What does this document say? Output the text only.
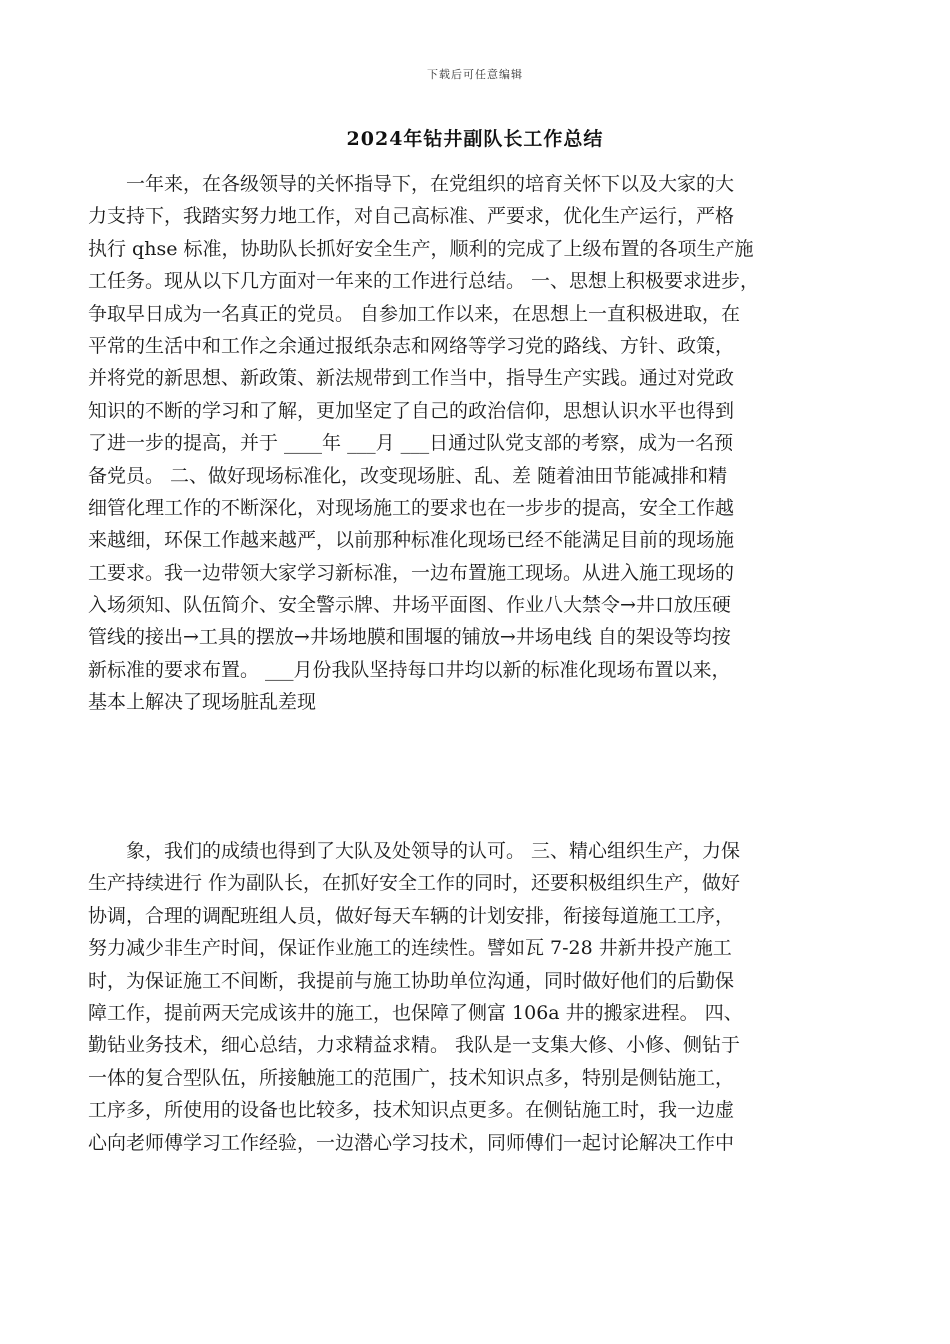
下载后可任意编辑
2024年钻井副队长工作总结
　　一年来，在各级领导的关怀指导下，在党组织的培育关怀下以及大家的大
力支持下，我踏实努力地工作，对自己高标准、严要求，优化生产运行，严格
执行 qhse 标准，协助队长抓好安全生产，顺利的完成了上级布置的各项生产施
工任务。现从以下几方面对一年来的工作进行总结。 一、思想上积极要求进步，
争取早日成为一名真正的党员。 自参加工作以来，在思想上一直积极进取，在
平常的生活中和工作之余通过报纸杂志和网络等学习党的路线、方针、政策，
并将党的新思想、新政策、新法规带到工作当中，指导生产实践。通过对党政
知识的不断的学习和了解，更加坚定了自己的政治信仰，思想认识水平也得到
了进一步的提高，并于 ____年 ___月 ___日通过队党支部的考察，成为一名预
备党员。 二、做好现场标准化，改变现场脏、乱、差 随着油田节能减排和精
细管化理工作的不断深化，对现场施工的要求也在一步步的提高，安全工作越
来越细，环保工作越来越严，以前那种标准化现场已经不能满足目前的现场施
工要求。我一边带领大家学习新标准，一边布置施工现场。从进入施工现场的
入场须知、队伍简介、安全警示牌、井场平面图、作业八大禁令→井口放压硬
管线的接出→工具的摆放→井场地膜和围堰的铺放→井场电线 自的架设等均按
新标准的要求布置。 ___月份我队坚持每口井均以新的标准化现场布置以来，
基本上解决了现场脏乱差现
　　象，我们的成绩也得到了大队及处领导的认可。 三、精心组织生产，力保
生产持续进行 作为副队长，在抓好安全工作的同时，还要积极组织生产，做好
协调，合理的调配班组人员，做好每天车辆的计划安排，衔接每道施工工序，
努力减少非生产时间，保证作业施工的连续性。譬如瓦 7-28 井新井投产施工
时，为保证施工不间断，我提前与施工协助单位沟通，同时做好他们的后勤保
障工作，提前两天完成该井的施工，也保障了侧富 106a 井的搬家进程。 四、
勤钻业务技术，细心总结，力求精益求精。 我队是一支集大修、小修、侧钻于
一体的复合型队伍，所接触施工的范围广，技术知识点多，特别是侧钻施工，
工序多，所使用的设备也比较多，技术知识点更多。在侧钻施工时，我一边虚
心向老师傅学习工作经验，一边潜心学习技术，同师傅们一起讨论解决工作中
